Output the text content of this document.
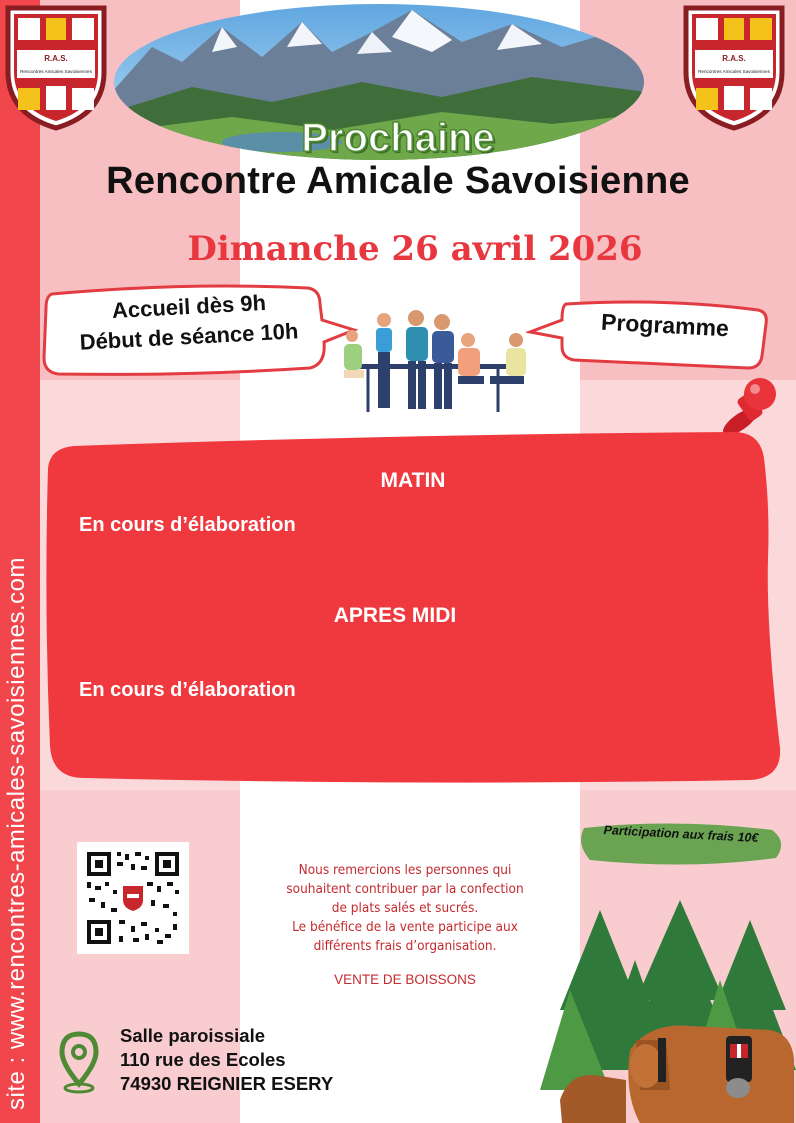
site : www.rencontres-amicales-savoisiennes.com
R.A.S.
Rencontres Amicales Savoisiennes
R.A.S.
Rencontres Amicales Savoisiennes
Prochaine
Rencontre Amicale Savoisienne
Dimanche 26 avril 2026
Accueil dès 9h
Début de séance 10h	Programme
MATIN
En cours d’élaboration
APRES MIDI
En cours d’élaboration
Participation aux frais 10€
Nous remercions les personnes qui
souhaitent contribuer par la confection
de plats salés et sucrés.
Le bénéfice de la vente participe aux
différents frais d’organisation.
VENTE DE BOISSONS
Salle paroissiale
110 rue des Ecoles
74930 REIGNIER ESERY
